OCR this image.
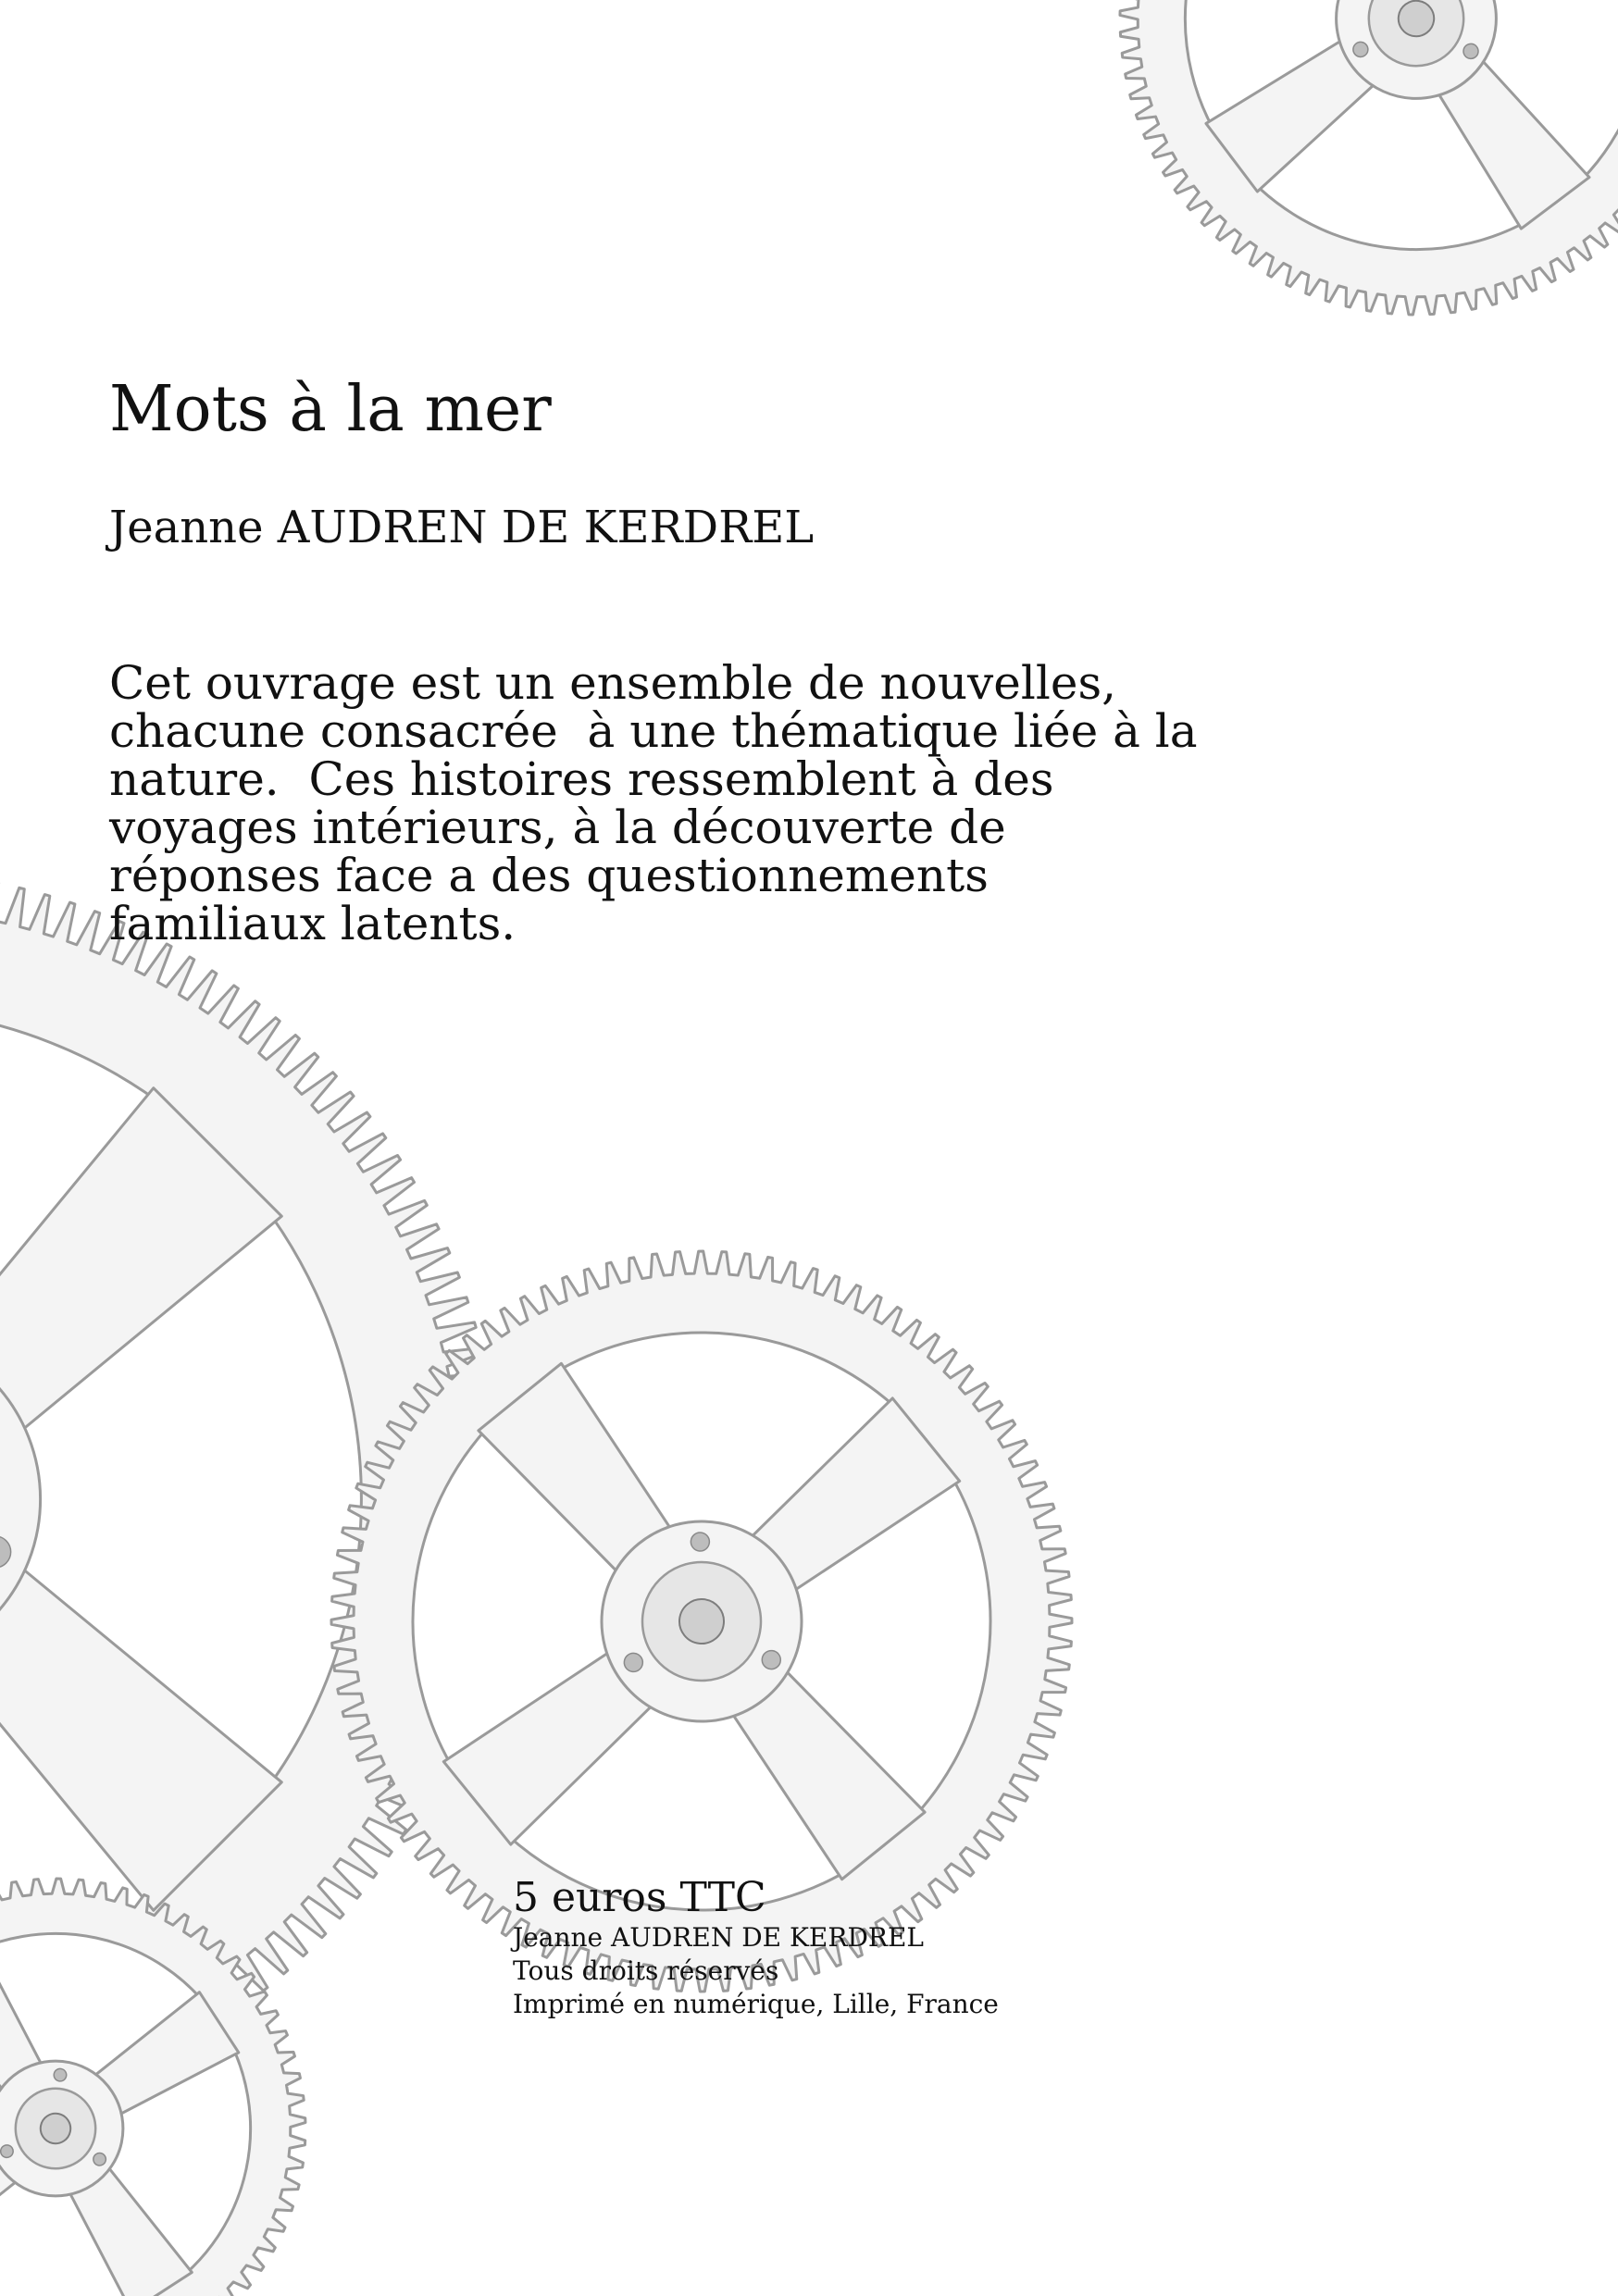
Mots à la mer
Jeanne AUDREN DE KERDREL
Cet ouvrage est un ensemble de nouvelles,
chacune consacrée  à une thématique liée à la
nature.  Ces histoires ressemblent à des
voyages intérieurs, à la découverte de
réponses face a des questionnements
familiaux latents.
5 euros TTC
Jeanne AUDREN DE KERDREL
Tous droits réservés
Imprimé en numérique, Lille, France
